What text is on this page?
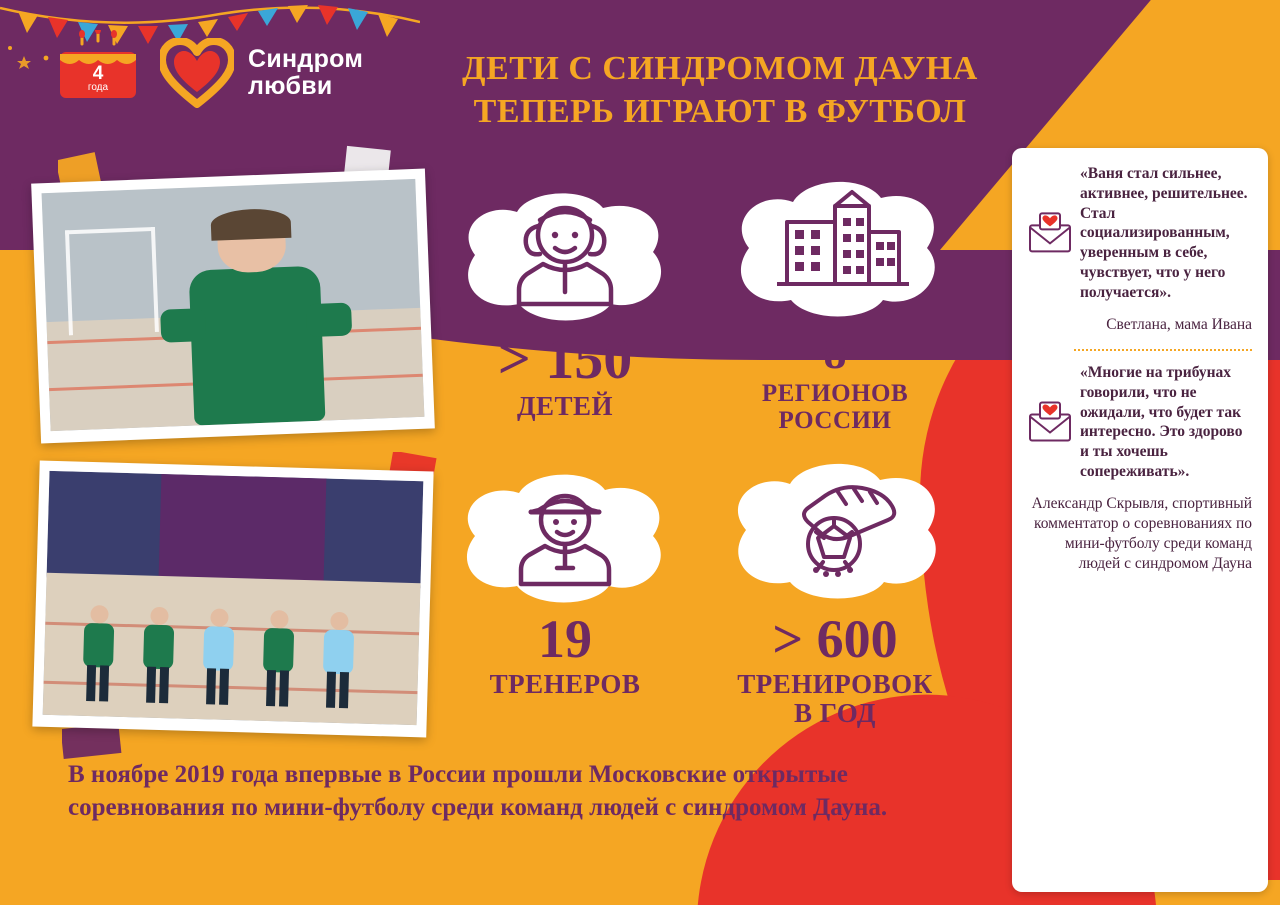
4
года
Синдром
любви	ДЕТИ С СИНДРОМОМ ДАУНА
ТЕПЕРЬ ИГРАЮТ В ФУТБОЛ
> 150
ДЕТЕЙ
8
РЕГИОНОВ
РОССИИ
19
ТРЕНЕРОВ
> 600
ТРЕНИРОВОК
В ГОД
В ноябре 2019 года впервые в России прошли Московские открытые соревнования по мини-футболу среди команд людей с синдромом Дауна.
«Ваня стал сильнее, активнее, решительнее. Стал социализированным, уверенным в себе, чувствует, что у него получается».
Светлана, мама Ивана
«Многие на трибунах говорили, что не ожидали, что будет так интересно. Это здорово и ты хочешь сопереживать».
Александр Скрывля, спортивный комментатор о соревнованиях по мини-футболу среди команд людей с синдромом Дауна
